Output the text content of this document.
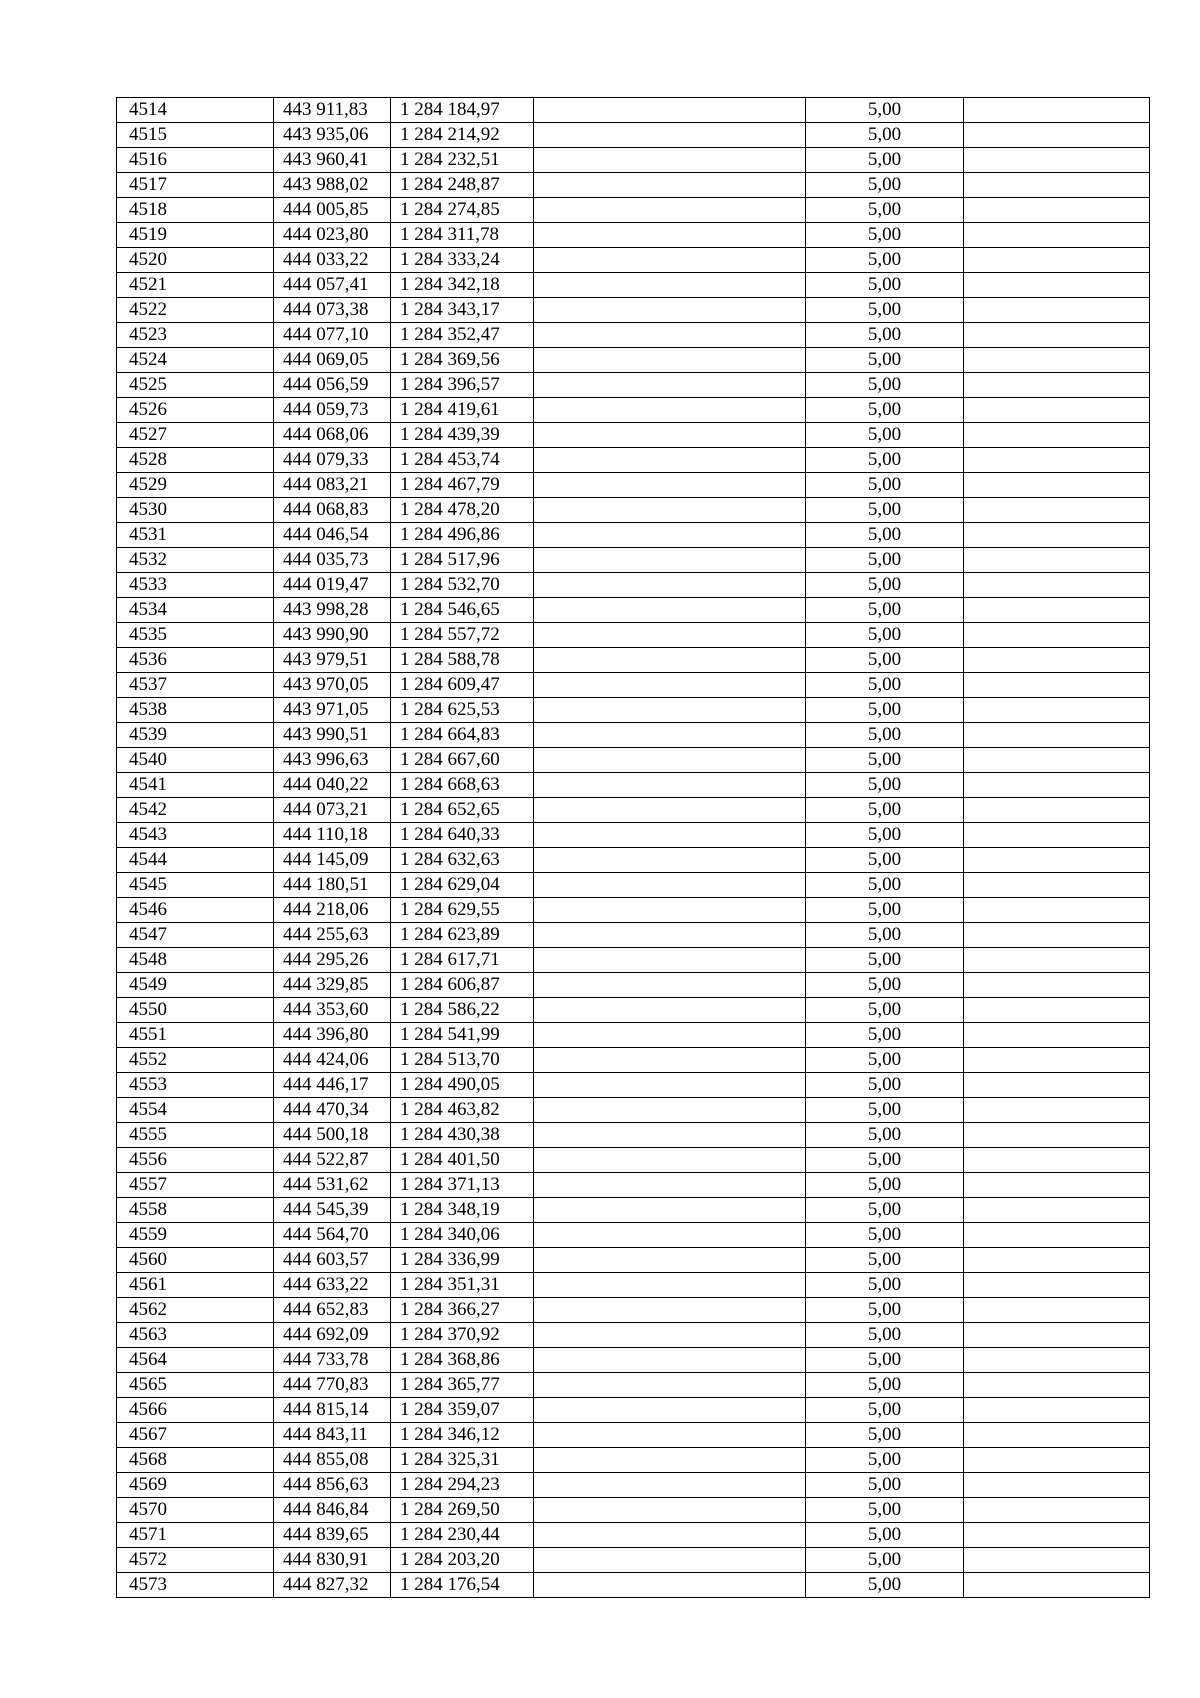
4514	443 911,83	1 284 184,97		5,00	
4515	443 935,06	1 284 214,92		5,00	
4516	443 960,41	1 284 232,51		5,00	
4517	443 988,02	1 284 248,87		5,00	
4518	444 005,85	1 284 274,85		5,00	
4519	444 023,80	1 284 311,78		5,00	
4520	444 033,22	1 284 333,24		5,00	
4521	444 057,41	1 284 342,18		5,00	
4522	444 073,38	1 284 343,17		5,00	
4523	444 077,10	1 284 352,47		5,00	
4524	444 069,05	1 284 369,56		5,00	
4525	444 056,59	1 284 396,57		5,00	
4526	444 059,73	1 284 419,61		5,00	
4527	444 068,06	1 284 439,39		5,00	
4528	444 079,33	1 284 453,74		5,00	
4529	444 083,21	1 284 467,79		5,00	
4530	444 068,83	1 284 478,20		5,00	
4531	444 046,54	1 284 496,86		5,00	
4532	444 035,73	1 284 517,96		5,00	
4533	444 019,47	1 284 532,70		5,00	
4534	443 998,28	1 284 546,65		5,00	
4535	443 990,90	1 284 557,72		5,00	
4536	443 979,51	1 284 588,78		5,00	
4537	443 970,05	1 284 609,47		5,00	
4538	443 971,05	1 284 625,53		5,00	
4539	443 990,51	1 284 664,83		5,00	
4540	443 996,63	1 284 667,60		5,00	
4541	444 040,22	1 284 668,63		5,00	
4542	444 073,21	1 284 652,65		5,00	
4543	444 110,18	1 284 640,33		5,00	
4544	444 145,09	1 284 632,63		5,00	
4545	444 180,51	1 284 629,04		5,00	
4546	444 218,06	1 284 629,55		5,00	
4547	444 255,63	1 284 623,89		5,00	
4548	444 295,26	1 284 617,71		5,00	
4549	444 329,85	1 284 606,87		5,00	
4550	444 353,60	1 284 586,22		5,00	
4551	444 396,80	1 284 541,99		5,00	
4552	444 424,06	1 284 513,70		5,00	
4553	444 446,17	1 284 490,05		5,00	
4554	444 470,34	1 284 463,82		5,00	
4555	444 500,18	1 284 430,38		5,00	
4556	444 522,87	1 284 401,50		5,00	
4557	444 531,62	1 284 371,13		5,00	
4558	444 545,39	1 284 348,19		5,00	
4559	444 564,70	1 284 340,06		5,00	
4560	444 603,57	1 284 336,99		5,00	
4561	444 633,22	1 284 351,31		5,00	
4562	444 652,83	1 284 366,27		5,00	
4563	444 692,09	1 284 370,92		5,00	
4564	444 733,78	1 284 368,86		5,00	
4565	444 770,83	1 284 365,77		5,00	
4566	444 815,14	1 284 359,07		5,00	
4567	444 843,11	1 284 346,12		5,00	
4568	444 855,08	1 284 325,31		5,00	
4569	444 856,63	1 284 294,23		5,00	
4570	444 846,84	1 284 269,50		5,00	
4571	444 839,65	1 284 230,44		5,00	
4572	444 830,91	1 284 203,20		5,00	
4573	444 827,32	1 284 176,54		5,00	
